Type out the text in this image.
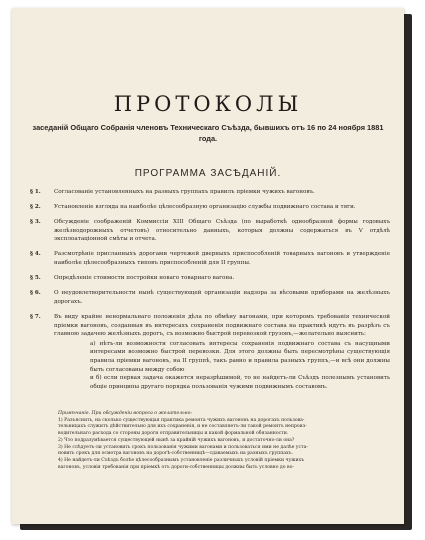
ПРОТОКОЛЫ
заседаній Общаго Собранія членовъ Техническаго Съѣзда, бывшихъ отъ 16 по 24 ноября 1881 года.
ПРОГРАММА ЗАСѢДАНІЙ.
§ 1.	Согласованіе установленныхъ на разныхъ группахъ правилъ пріемки чужихъ вагоновъ.
§ 2.	Установленіе взгляда на наиболѣе цѣлесообразную организацію службы подвижнаго состава и тяги.
§ 3.	Обсужденіе соображеній Коммиссіи XIII Общаго Съѣзда (по выработкѣ однообразной формы годовыхъ желѣзнодорожныхъ отчетовъ) относительно данныхъ, которыя должны содержаться въ V отдѣлѣ эксплоатаціонной смѣты и отчета.
§ 4.	Разсмотрѣніе присланныхъ дорогами чертежей дверныхъ приспособленій товарныхъ вагоновъ и утвержденіе наиболѣе цѣлесообразныхъ типовъ приспособленій для II группы.
§ 5.	Опредѣленіе стоимости постройки новаго товарнаго вагона.
§ 6.	О неудовлетворительности нынѣ существующей организаціи надзора за вѣсовыми приборами на желѣзныхъ дорогахъ.
§ 7.	Въ виду крайне ненормальнаго положенія дѣла по обмѣну вагонами, при которомъ требованія технической пріемки вагоновъ, созданныя въ интересахъ сохраненія подвижнаго состава на практикѣ идутъ въ разрѣзъ съ главною задачею желѣзныхъ дорогъ, съ возможно быстрой перевозкой грузовъ,—желательно выяснить:
а) нѣтъ-ли возможности согласовать интересы сохраненія подвижнаго состава съ насущными интересами возможно быстрой перевозки. Для этого должны быть пересмотрѣны существующія правила пріемки вагоновъ, на II группѣ, такъ равно и правила разныхъ группъ,—и всѣ они должны быть согласованы между собою
и б) если первая задача окажется неразрѣшимой, то не найдетъ-ли Съѣздъ полезнымъ установить общіе принципы другаго порядка пользованія чужими подвижнымъ составомъ.
Примѣчаніе. При обсужденіи вопроса о желательно:
1) Разъяснить, на сколько существующая практика ремонта чужихъ вагоновъ на дорогахъ пользова-
тельницахъ служитъ дѣйствительно для ихъ сохраненія, и не составляетъ-ли такой ремонтъ непроиз-
водительнаго расхода со стороны дороги отправительницы и какой формальной обязанности.
2) Что подразумѣвается существующей нынѣ за крайній чужихъ вагоновъ, и достаточно-ли она?
3) Не слѣдуетъ-ли установить срокъ пользованія чужими вагонами и пользоваться ими не далѣе уста-
новить срокъ для осмотра вагоновъ на дорогѣ-собственницѣ—сдаваемыхъ на разныхъ группахъ.
4) Не найдетъ-ли Съѣздъ болѣе цѣлесообразнымъ установленіе различныхъ условій пріемки чужихъ
вагоновъ, условія требованія при пріемкѣ отъ дороги-собственницы должны быть условно до во-
